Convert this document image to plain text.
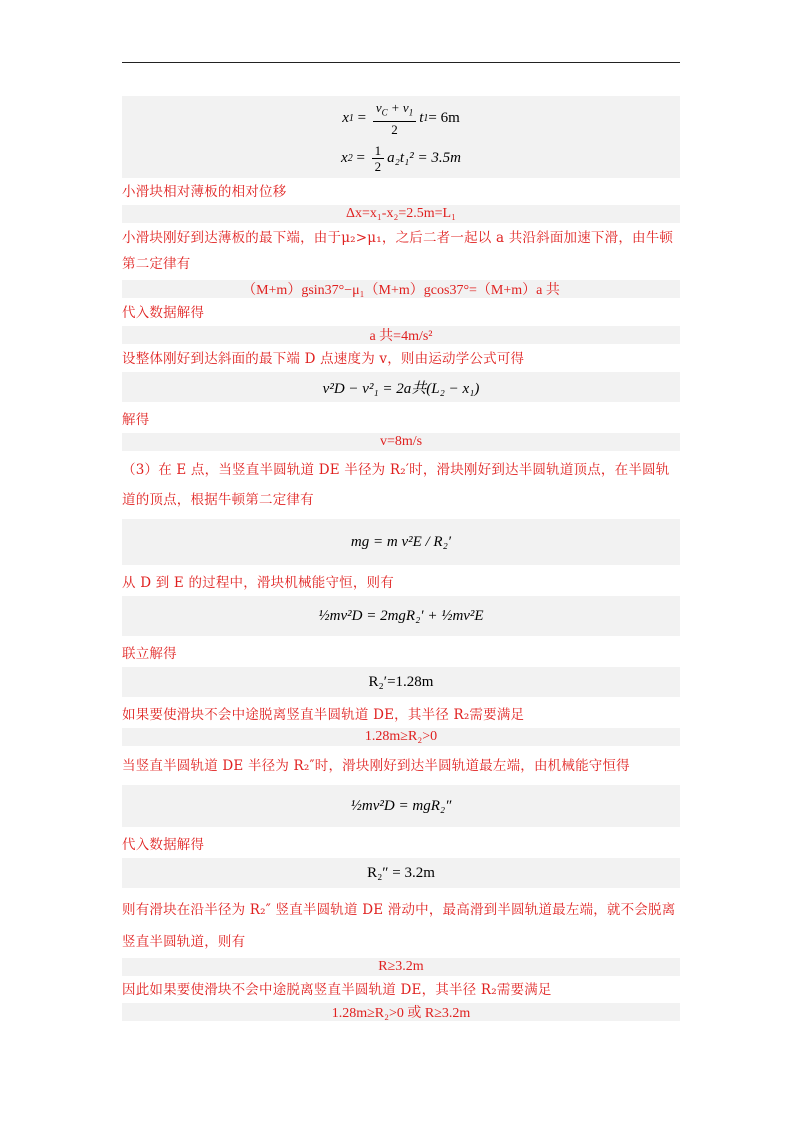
x $1 = \frac{v_C + v_1}{2}$ t 1 = 6m
x $2 = \frac{1}{2} a_2t_1^2 = 3.5m$

小滑块相对薄板的相对位移

Δx=x₁-x₂=2.5m=L₁

小滑块刚好到达薄板的最下端，由于μ₂>μ₁，之后二者一起以 a 共沿斜面加速下滑，由牛顿第二定律有

（M+m）gsin37°−μ₁（M+m）gcos37°=（M+m）a 共

代入数据解得

a 共=4m/s²

设整体刚好到达斜面的最下端 D 点速度为 v，则由运动学公式可得

v²D − v²₁ = 2a共(L₂ − x₁)

解得

v=8m/s

（3）在 E 点，当竖直半圆轨道 DE 半径为 R₂′时，滑块刚好到达半圆轨道顶点，在半圆轨道的顶点，根据牛顿第二定律有

mg = m v²E / R₂′

从 D 到 E 的过程中，滑块机械能守恒，则有

½mv²D = 2mgR₂′ + ½mv²E

联立解得

R₂′=1.28m

如果要使滑块不会中途脱离竖直半圆轨道 DE，其半径 R₂需要满足

1.28m≥R₂>0

当竖直半圆轨道 DE 半径为 R₂″时，滑块刚好到达半圆轨道最左端，由机械能守恒得

½mv²D = mgR₂″

代入数据解得

R₂″ = 3.2m

则有滑块在沿半径为 R₂″ 竖直半圆轨道 DE 滑动中，最高滑到半圆轨道最左端，就不会脱离竖直半圆轨道，则有

R≥3.2m

因此如果要使滑块不会中途脱离竖直半圆轨道 DE，其半径 R₂需要满足

1.28m≥R₂>0 或 R≥3.2m
